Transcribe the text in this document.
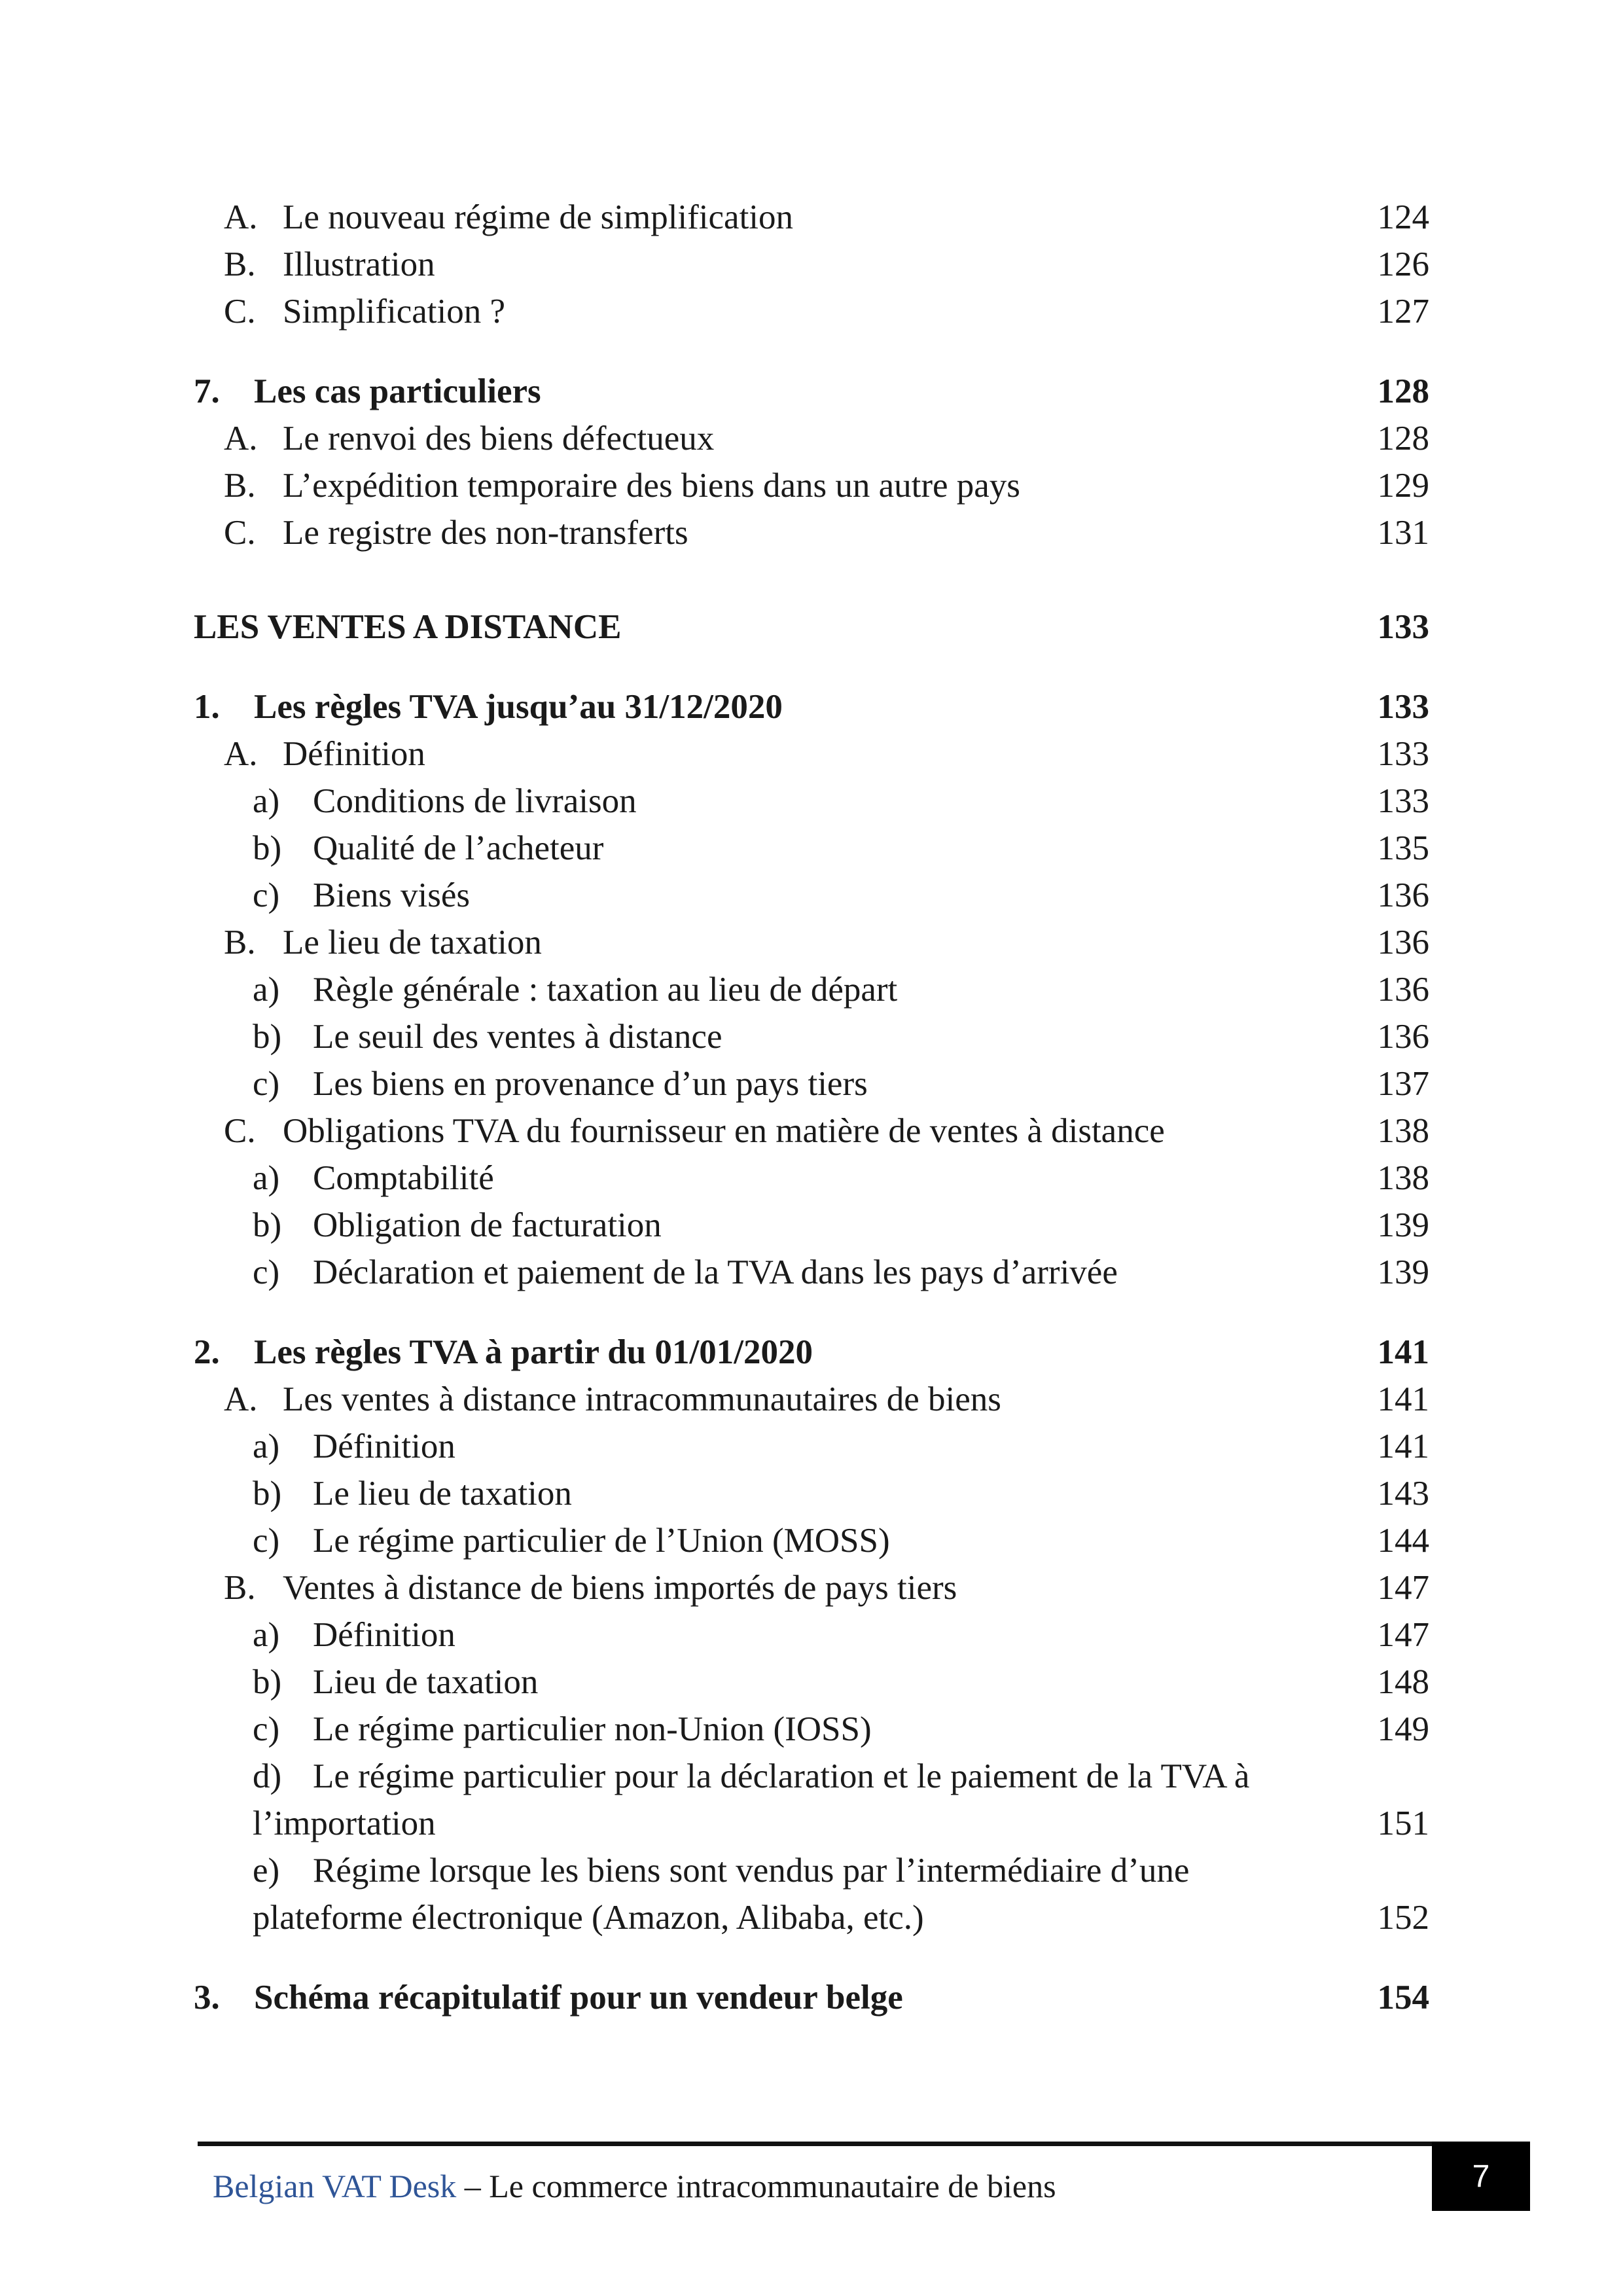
A. Le nouveau régime de simplification	124
B. Illustration	126
C. Simplification ?	127
7. Les cas particuliers	128
A. Le renvoi des biens défectueux	128
B. L’expédition temporaire des biens dans un autre pays	129
C. Le registre des non-transferts	131
LES VENTES A DISTANCE	133
1. Les règles TVA jusqu’au 31/12/2020	133
A. Définition	133
a) Conditions de livraison	133
b) Qualité de l’acheteur	135
c) Biens visés	136
B. Le lieu de taxation	136
a) Règle générale : taxation au lieu de départ	136
b) Le seuil des ventes à distance	136
c) Les biens en provenance d’un pays tiers	137
C. Obligations TVA du fournisseur en matière de ventes à distance	138
a) Comptabilité	138
b) Obligation de facturation	139
c) Déclaration et paiement de la TVA dans les pays d’arrivée	139
2. Les règles TVA à partir du 01/01/2020	141
A. Les ventes à distance intracommunautaires de biens	141
a) Définition	141
b) Le lieu de taxation	143
c) Le régime particulier de l’Union (MOSS)	144
B. Ventes à distance de biens importés de pays tiers	147
a) Définition	147
b) Lieu de taxation	148
c) Le régime particulier non-Union (IOSS)	149
d) Le régime particulier pour la déclaration et le paiement de la TVA à
l’importation	151
e) Régime lorsque les biens sont vendus par l’intermédiaire d’une
plateforme électronique (Amazon, Alibaba, etc.)	152
3. Schéma récapitulatif pour un vendeur belge	154
Belgian VAT Desk – Le commerce intracommunautaire de biens	7
